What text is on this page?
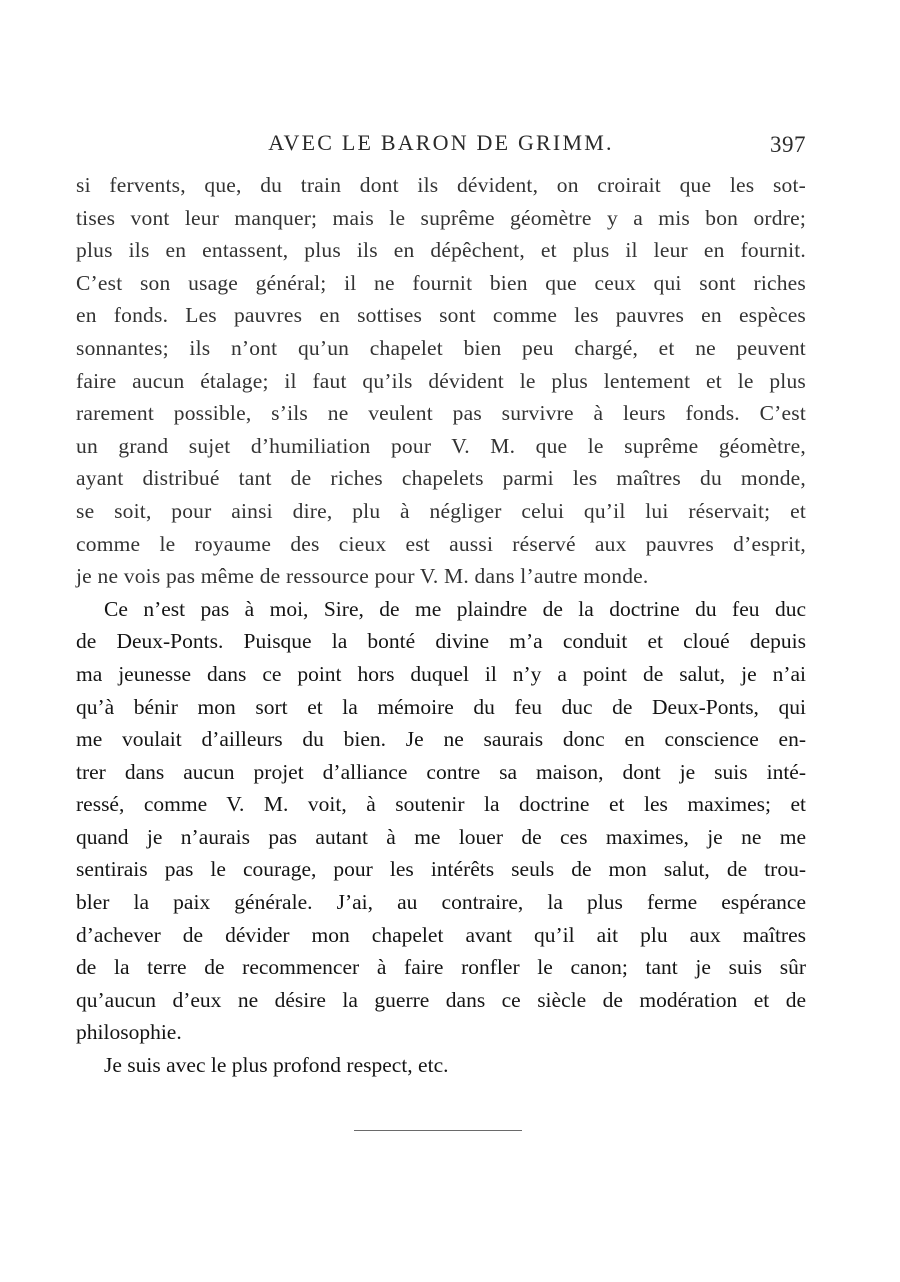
AVEC LE BARON DE GRIMM.	397
si fervents, que, du train dont ils dévident, on croirait que les sot-
tises vont leur manquer; mais le suprême géomètre y a mis bon ordre;
plus ils en entassent, plus ils en dépêchent, et plus il leur en fournit.
C’est son usage général; il ne fournit bien que ceux qui sont riches
en fonds. Les pauvres en sottises sont comme les pauvres en espèces
sonnantes; ils n’ont qu’un chapelet bien peu chargé, et ne peuvent
faire aucun étalage; il faut qu’ils dévident le plus lentement et le plus
rarement possible, s’ils ne veulent pas survivre à leurs fonds. C’est
un grand sujet d’humiliation pour V. M. que le suprême géomètre,
ayant distribué tant de riches chapelets parmi les maîtres du monde,
se soit, pour ainsi dire, plu à négliger celui qu’il lui réservait; et
comme le royaume des cieux est aussi réservé aux pauvres d’esprit,
je ne vois pas même de ressource pour V. M. dans l’autre monde.
Ce n’est pas à moi, Sire, de me plaindre de la doctrine du feu duc
de Deux-Ponts. Puisque la bonté divine m’a conduit et cloué depuis
ma jeunesse dans ce point hors duquel il n’y a point de salut, je n’ai
qu’à bénir mon sort et la mémoire du feu duc de Deux-Ponts, qui
me voulait d’ailleurs du bien. Je ne saurais donc en conscience en-
trer dans aucun projet d’alliance contre sa maison, dont je suis inté-
ressé, comme V. M. voit, à soutenir la doctrine et les maximes; et
quand je n’aurais pas autant à me louer de ces maximes, je ne me
sentirais pas le courage, pour les intérêts seuls de mon salut, de trou-
bler la paix générale. J’ai, au contraire, la plus ferme espérance
d’achever de dévider mon chapelet avant qu’il ait plu aux maîtres
de la terre de recommencer à faire ronfler le canon; tant je suis sûr
qu’aucun d’eux ne désire la guerre dans ce siècle de modération et de
philosophie.
Je suis avec le plus profond respect, etc.
